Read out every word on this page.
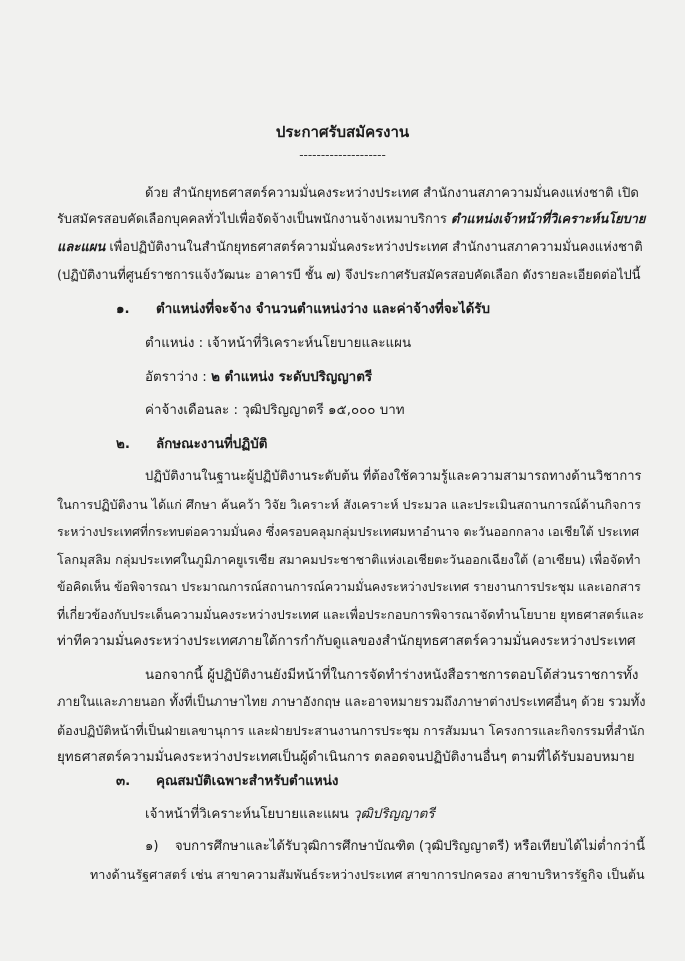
ประกาศรับสมัครงาน
--------------------
ด้วย สำนักยุทธศาสตร์ความมั่นคงระหว่างประเทศ สำนักงานสภาความมั่นคงแห่งชาติ เปิด
รับสมัครสอบคัดเลือกบุคคลทั่วไปเพื่อจัดจ้างเป็นพนักงานจ้างเหมาบริการ ตำแหน่งเจ้าหน้าที่วิเคราะห์นโยบาย
และแผน เพื่อปฏิบัติงานในสำนักยุทธศาสตร์ความมั่นคงระหว่างประเทศ สำนักงานสภาความมั่นคงแห่งชาติ
(ปฏิบัติงานที่ศูนย์ราชการแจ้งวัฒนะ อาคารบี ชั้น ๗) จึงประกาศรับสมัครสอบคัดเลือก ดังรายละเอียดต่อไปนี้
๑. ตำแหน่งที่จะจ้าง จำนวนตำแหน่งว่าง และค่าจ้างที่จะได้รับ
ตำแหน่ง : เจ้าหน้าที่วิเคราะห์นโยบายและแผน
อัตราว่าง : ๒ ตำแหน่ง ระดับปริญญาตรี
ค่าจ้างเดือนละ : วุฒิปริญญาตรี ๑๕,๐๐๐ บาท
๒. ลักษณะงานที่ปฏิบัติ
ปฏิบัติงานในฐานะผู้ปฏิบัติงานระดับต้น ที่ต้องใช้ความรู้และความสามารถทางด้านวิชาการ
ในการปฏิบัติงาน ได้แก่ ศึกษา ค้นคว้า วิจัย วิเคราะห์ สังเคราะห์ ประมวล และประเมินสถานการณ์ด้านกิจการ
ระหว่างประเทศที่กระทบต่อความมั่นคง ซึ่งครอบคลุมกลุ่มประเทศมหาอำนาจ ตะวันออกกลาง เอเชียใต้ ประเทศ
โลกมุสลิม กลุ่มประเทศในภูมิภาคยูเรเซีย สมาคมประชาชาติแห่งเอเชียตะวันออกเฉียงใต้ (อาเซียน) เพื่อจัดทำ
ข้อคิดเห็น ข้อพิจารณา ประมาณการณ์สถานการณ์ความมั่นคงระหว่างประเทศ รายงานการประชุม และเอกสาร
ที่เกี่ยวข้องกับประเด็นความมั่นคงระหว่างประเทศ และเพื่อประกอบการพิจารณาจัดทำนโยบาย ยุทธศาสตร์และ
ท่าทีความมั่นคงระหว่างประเทศภายใต้การกำกับดูแลของสำนักยุทธศาสตร์ความมั่นคงระหว่างประเทศ
นอกจากนี้ ผู้ปฏิบัติงานยังมีหน้าที่ในการจัดทำร่างหนังสือราชการตอบโต้ส่วนราชการทั้ง
ภายในและภายนอก ทั้งที่เป็นภาษาไทย ภาษาอังกฤษ และอาจหมายรวมถึงภาษาต่างประเทศอื่นๆ ด้วย รวมทั้ง
ต้องปฏิบัติหน้าที่เป็นฝ่ายเลขานุการ และฝ่ายประสานงานการประชุม การสัมมนา โครงการและกิจกรรมที่สำนัก
ยุทธศาสตร์ความมั่นคงระหว่างประเทศเป็นผู้ดำเนินการ ตลอดจนปฏิบัติงานอื่นๆ ตามที่ได้รับมอบหมาย
๓. คุณสมบัติเฉพาะสำหรับตำแหน่ง
เจ้าหน้าที่วิเคราะห์นโยบายและแผน วุฒิปริญญาตรี
๑) จบการศึกษาและได้รับวุฒิการศึกษาบัณฑิต (วุฒิปริญญาตรี) หรือเทียบได้ไม่ต่ำกว่านี้
ทางด้านรัฐศาสตร์ เช่น สาขาความสัมพันธ์ระหว่างประเทศ สาขาการปกครอง สาขาบริหารรัฐกิจ เป็นต้น
